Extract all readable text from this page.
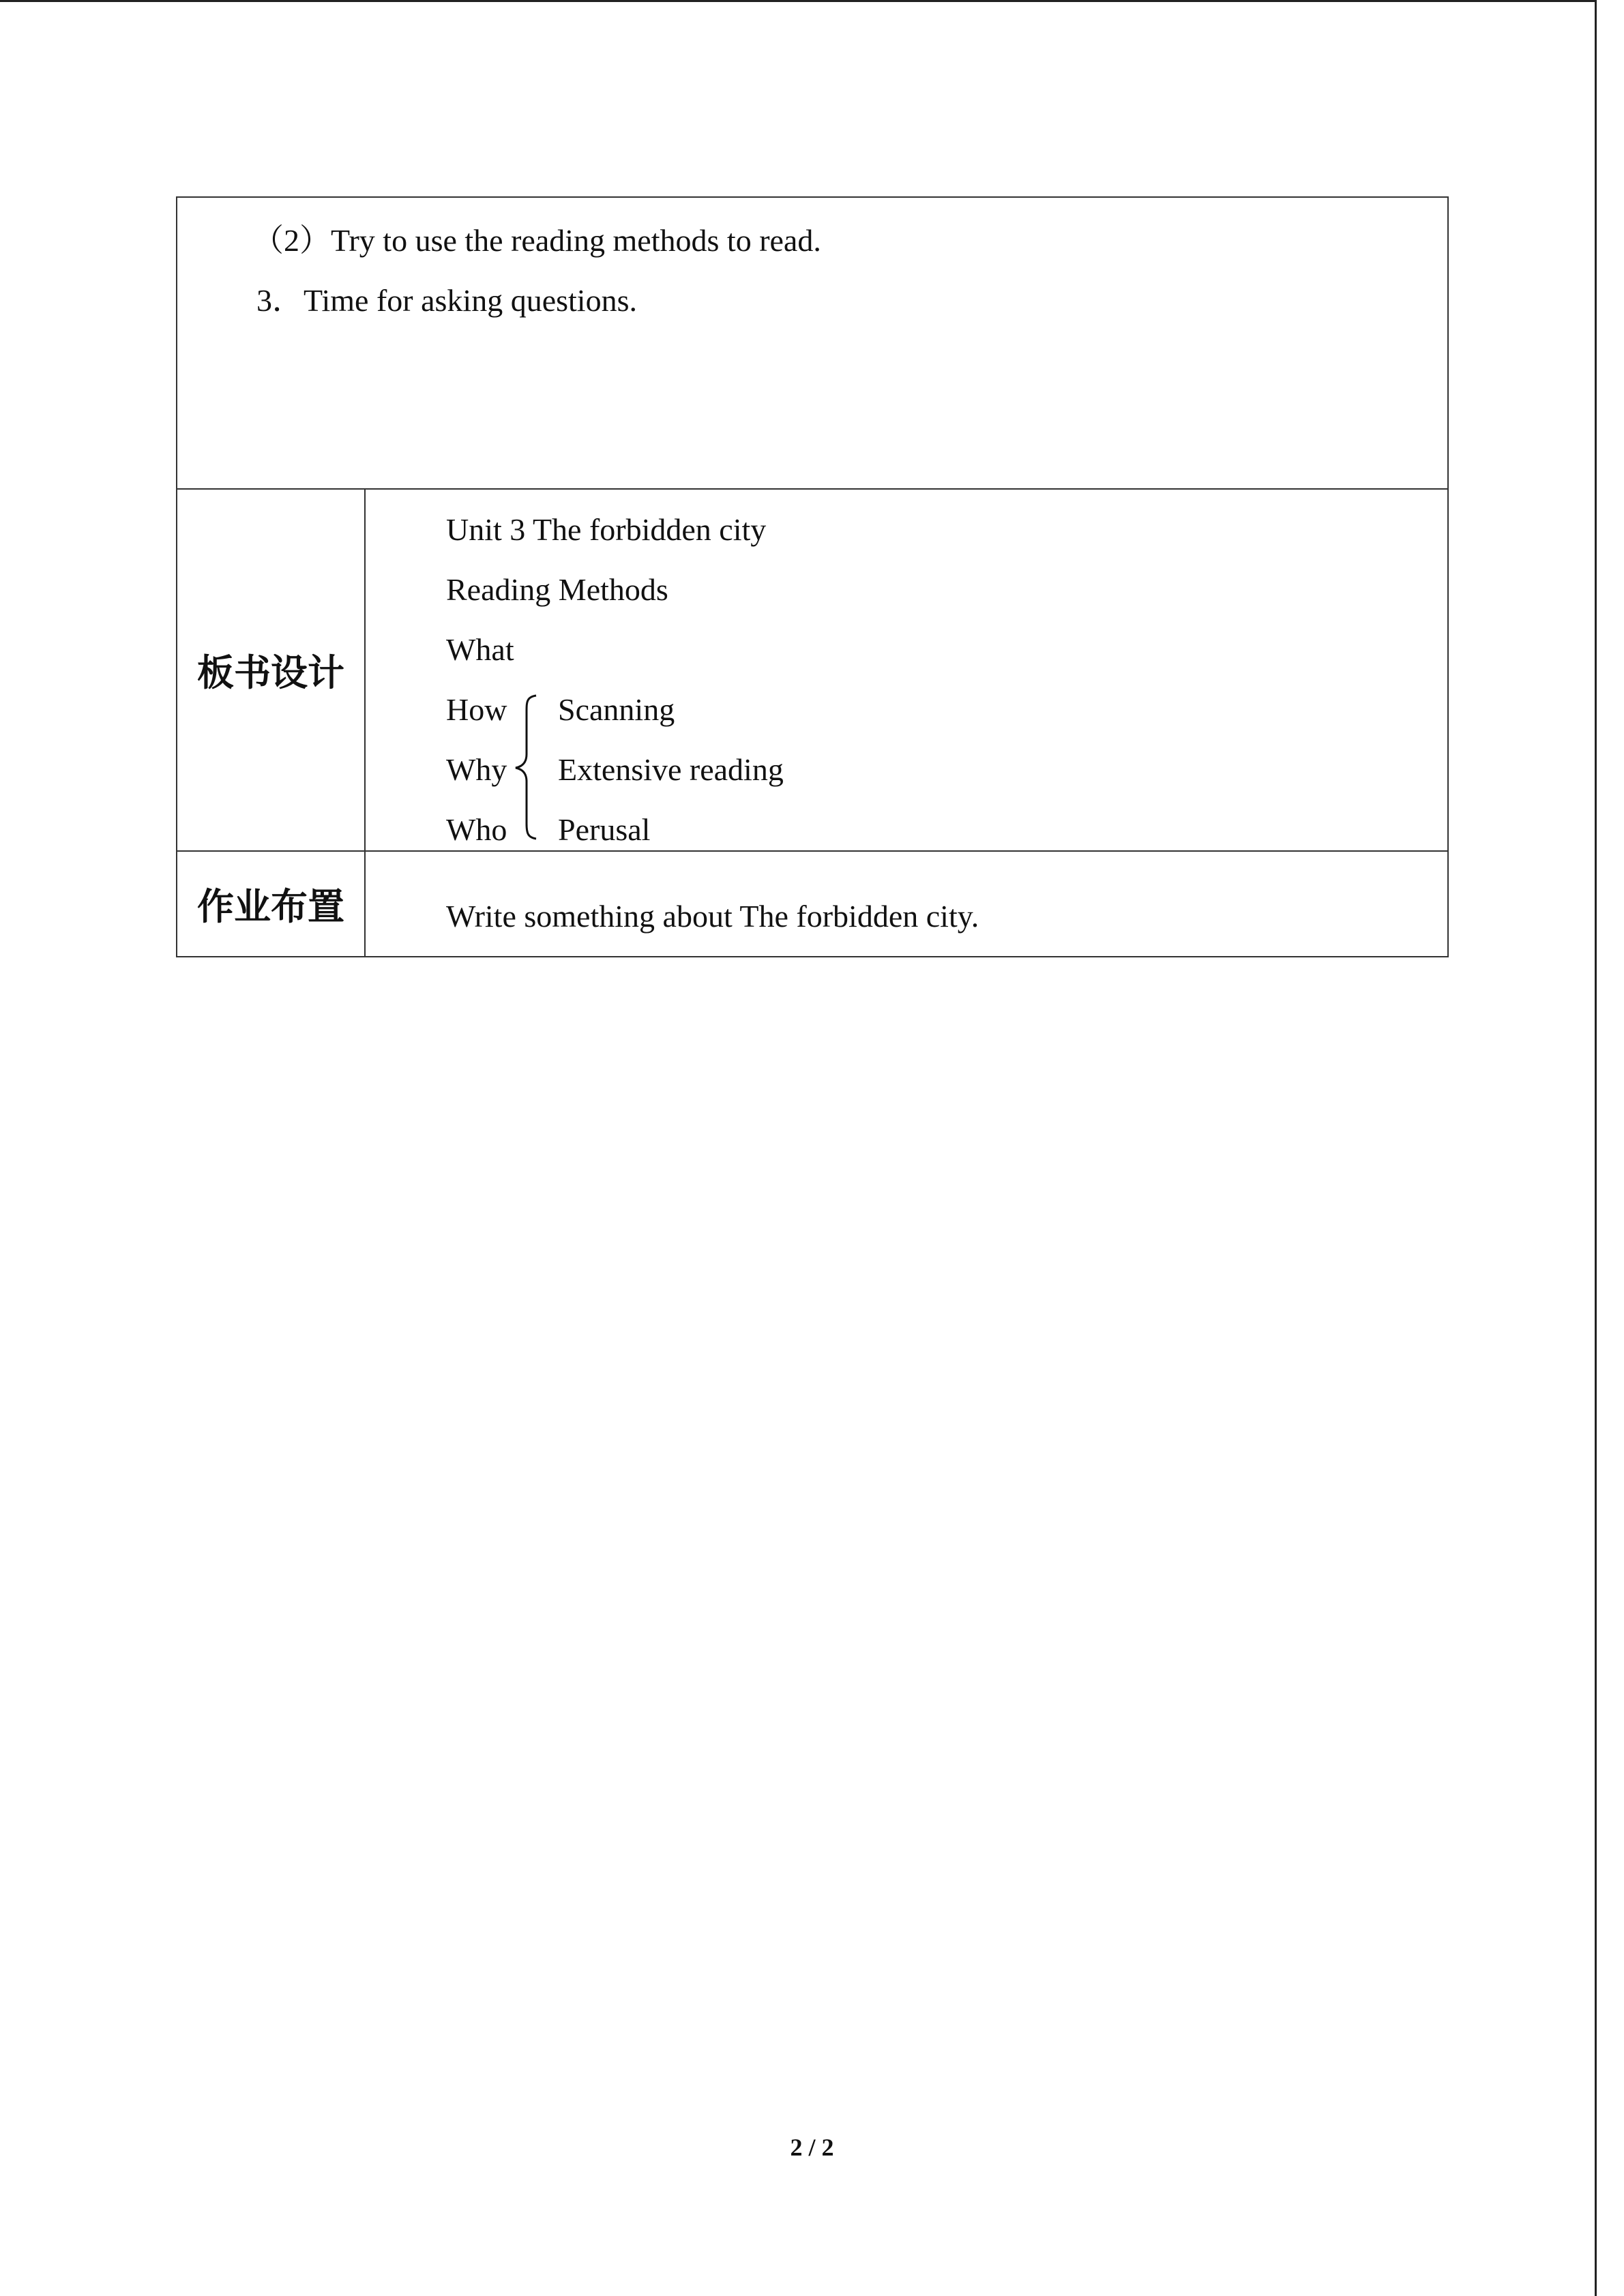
（2）Try to use the reading methods to read.
3．Time for asking questions.
板书设计
Unit 3 The forbidden city
Reading Methods
What
How
Why
Who
Scanning
Extensive reading
Perusal
作业布置	Write something about The forbidden city.
2 / 2
